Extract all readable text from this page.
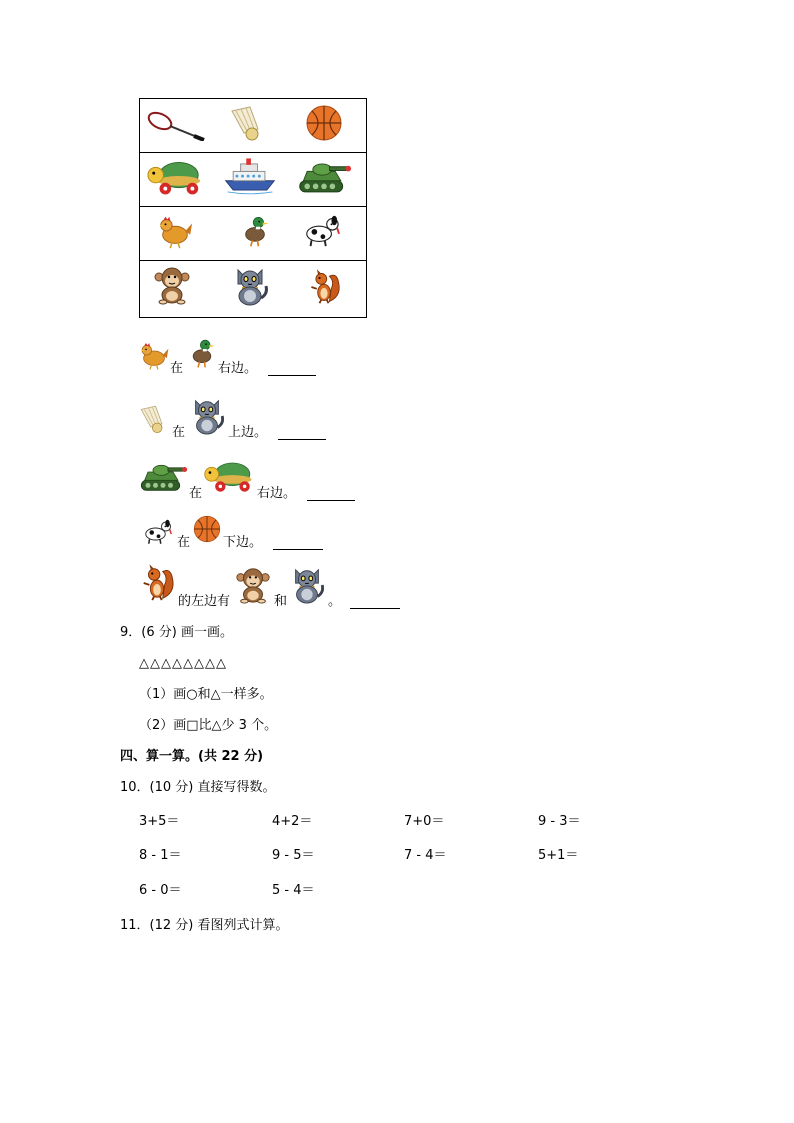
在	右边。
在	上边。
在	右边。
在	下边。
的左边有	和	。
9．(6 分) 画一画。
△△△△△△△△
（1）画○和△一样多。
（2）画□比△少 3 个。
四、算一算。(共 22 分)
10．(10 分) 直接写得数。
3+5＝	4+2＝	7+0＝	9 - 3＝
8 - 1＝	9 - 5＝	7 - 4＝	5+1＝
6 - 0＝	5 - 4＝
11．(12 分) 看图列式计算。
